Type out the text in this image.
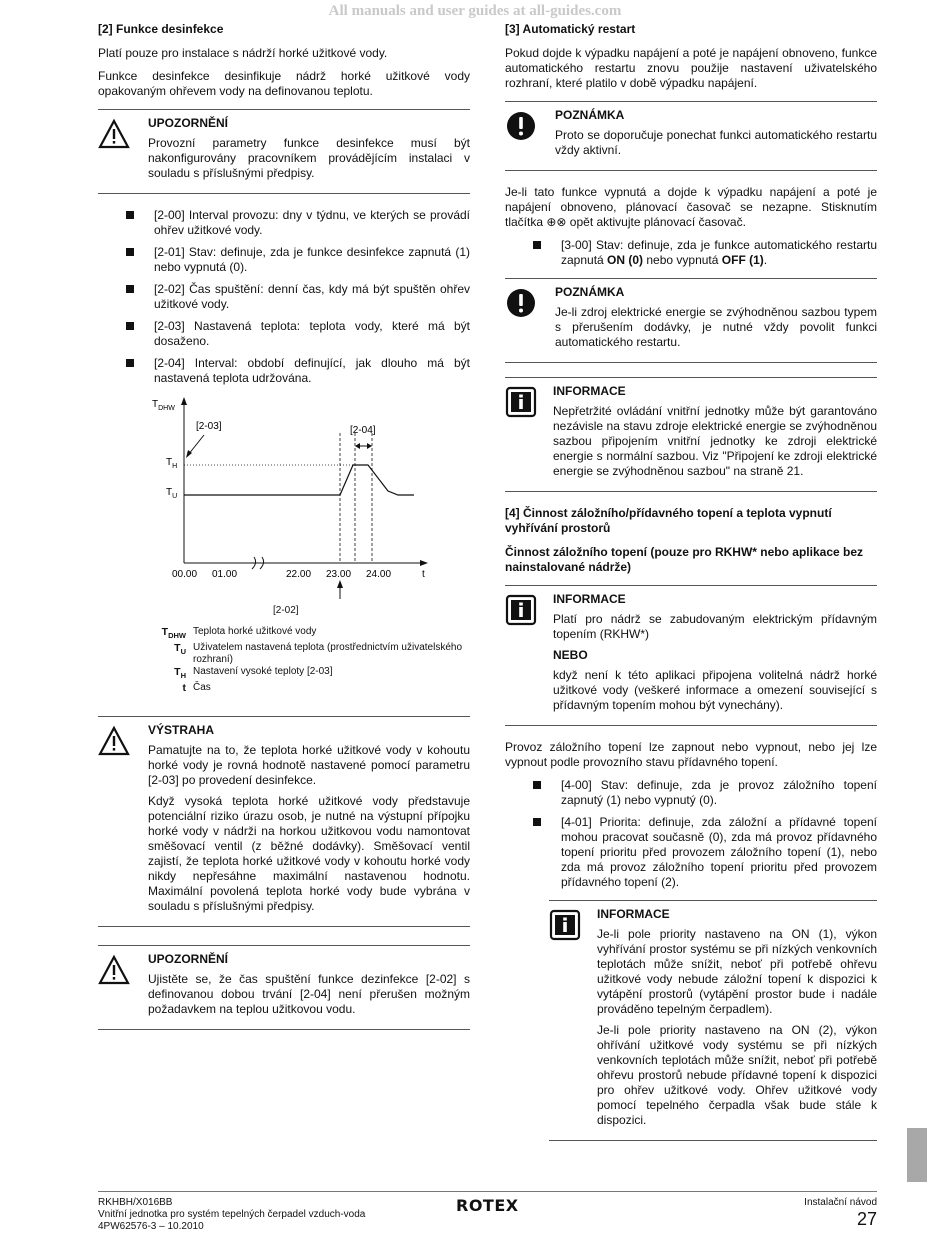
All manuals and user guides at all-guides.com
[2] Funkce desinfekce

Platí pouze pro instalace s nádrží horké užitkové vody.

Funkce desinfekce desinfikuje nádrž horké užitkové vody opakovaným ohřevem vody na definovanou teplotu.

UPOZORNĚNÍ

Provozní parametry funkce desinfekce musí být nakonfigurovány pracovníkem provádějícím instalaci v souladu s příslušnými předpisy.

[2-00] Interval provozu: dny v týdnu, ve kterých se provádí ohřev užitkové vody.
[2-01] Stav: definuje, zda je funkce desinfekce zapnutá (1) nebo vypnutá (0).
[2-02] Čas spuštění: denní čas, kdy má být spuštěn ohřev užitkové vody.
[2-03] Nastavená teplota: teplota vody, které má být dosaženo.
[2-04] Interval: období definující, jak dlouho má být nastavená teplota udržována.
$T_{DHW}$
t
$T_H$
$T_U$
[2-03]	[2-04]
00.00 01.00	22.00 23.00 24.00
[2-02]
$T_{DHW}$ Teplota horké užitkové vody
$T_U$ Uživatelem nastavená teplota (prostřednictvím uživatelského rozhraní)
$T_H$ Nastavení vysoké teploty [2-03]
t Čas
VÝSTRAHA

Pamatujte na to, že teplota horké užitkové vody v kohoutu horké vody je rovná hodnotě nastavené pomocí parametru [2-03] po provedení desinfekce.

Když vysoká teplota horké užitkové vody představuje potenciální riziko úrazu osob, je nutné na výstupní přípojku horké vody v nádrži na horkou užitkovou vodu namontovat směšovací ventil (z běžné dodávky). Směšovací ventil zajistí, že teplota horké užitkové vody v kohoutu horké vody nikdy nepřesáhne maximální nastavenou hodnotu. Maximální povolená teplota horké vody bude vybrána v souladu s příslušnými předpisy.

UPOZORNĚNÍ

Ujistěte se, že čas spuštění funkce dezinfekce [2-02] s definovanou dobou trvání [2-04] není přerušen možným požadavkem na teplou užitkovou vodu.

[3] Automatický restart

Pokud dojde k výpadku napájení a poté je napájení obnoveno, funkce automatického restartu znovu použije nastavení uživatelského rozhraní, které platilo v době výpadku napájení.

POZNÁMKA

Proto se doporučuje ponechat funkci automatického restartu vždy aktivní.

Je-li tato funkce vypnutá a dojde k výpadku napájení a poté je napájení obnoveno, plánovací časovač se nezapne. Stisknutím tlačítka ⊕⊗ opět aktivujte plánovací časovač.

[3-00] Stav: definuje, zda je funkce automatického restartu zapnutá ON (0) nebo vypnutá OFF (1).
POZNÁMKA

Je-li zdroj elektrické energie se zvýhodněnou sazbou typem s přerušením dodávky, je nutné vždy povolit funkci automatického restartu.

INFORMACE

Nepřetržité ovládání vnitřní jednotky může být garantováno nezávisle na stavu zdroje elektrické energie se zvýhodněnou sazbou připojením vnitřní jednotky ke zdroji elektrické energie s normální sazbou. Viz "Připojení ke zdroji elektrické energie se zvýhodněnou sazbou" na straně 21.

[4] Činnost záložního/přídavného topení a teplota vypnutí vyhřívání prostorů
Činnost záložního topení (pouze pro RKHW* nebo aplikace bez nainstalované nádrže)
INFORMACE

Platí pro nádrž se zabudovaným elektrickým přídavným topením (RKHW*)

NEBO

když není k této aplikaci připojena volitelná nádrž horké užitkové vody (veškeré informace a omezení související s přídavným topením mohou být vynechány).

Provoz záložního topení lze zapnout nebo vypnout, nebo jej lze vypnout podle provozního stavu přídavného topení.

[4-00] Stav: definuje, zda je provoz záložního topení zapnutý (1) nebo vypnutý (0).
[4-01] Priorita: definuje, zda záložní a přídavné topení mohou pracovat současně (0), zda má provoz přídavného topení prioritu před provozem záložního topení (1), nebo zda má provoz záložního topení prioritu před provozem přídavného topení (2).
INFORMACE

Je-li pole priority nastaveno na ON (1), výkon vyhřívání prostor systému se při nízkých venkovních teplotách může snížit, neboť při potřebě ohřevu užitkové vody nebude záložní topení k dispozici k vytápění prostorů (vytápění prostor bude i nadále prováděno tepelným čerpadlem).

Je-li pole priority nastaveno na ON (2), výkon ohřívání užitkové vody systému se při nízkých venkovních teplotách může snížit, neboť při potřebě ohřevu prostorů nebude přídavné topení k dispozici pro ohřev užitkové vody. Ohřev užitkové vody pomocí tepelného čerpadla však bude stále k dispozici.

RKHBH/X016BB
Vnitřní jednotka pro systém tepelných čerpadel vzduch-voda
4PW62576-3 – 10.2010
ROTEX	Instalační návod
27
